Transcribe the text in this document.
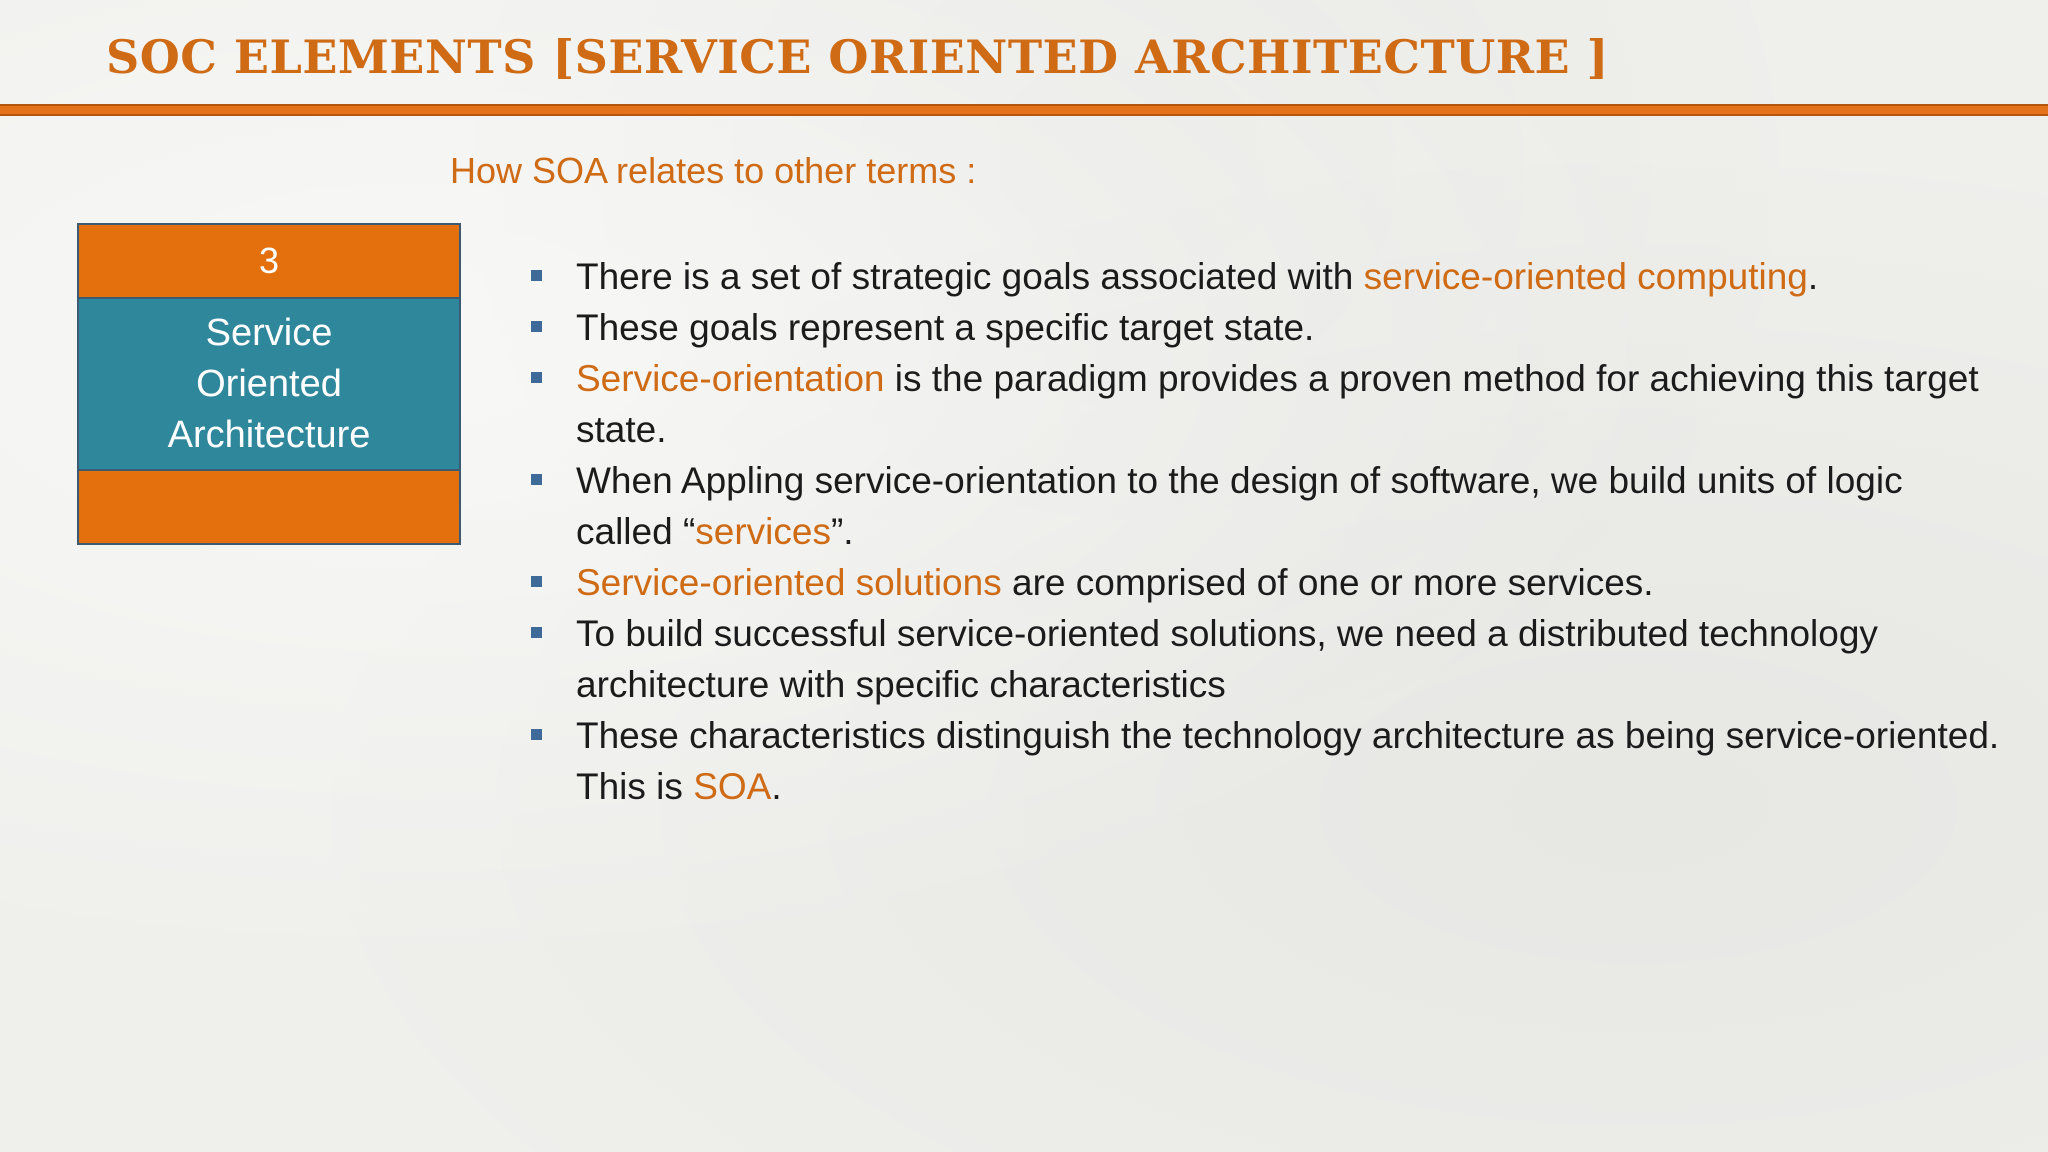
SOC ELEMENTS [SERVICE ORIENTED ARCHITECTURE ]
How SOA relates to other terms :
3
Service
Oriented
Architecture
There is a set of strategic goals associated with service-oriented computing.
These goals represent a specific target state.
Service-orientation is the paradigm provides a proven method for achieving this target state.
When Appling service-orientation to the design of software, we build units of logic called “services”.
Service-oriented solutions are comprised of one or more services.
To build successful service-oriented solutions, we need a distributed technology architecture with specific characteristics
These characteristics distinguish the technology architecture as being service-oriented. This is SOA.
